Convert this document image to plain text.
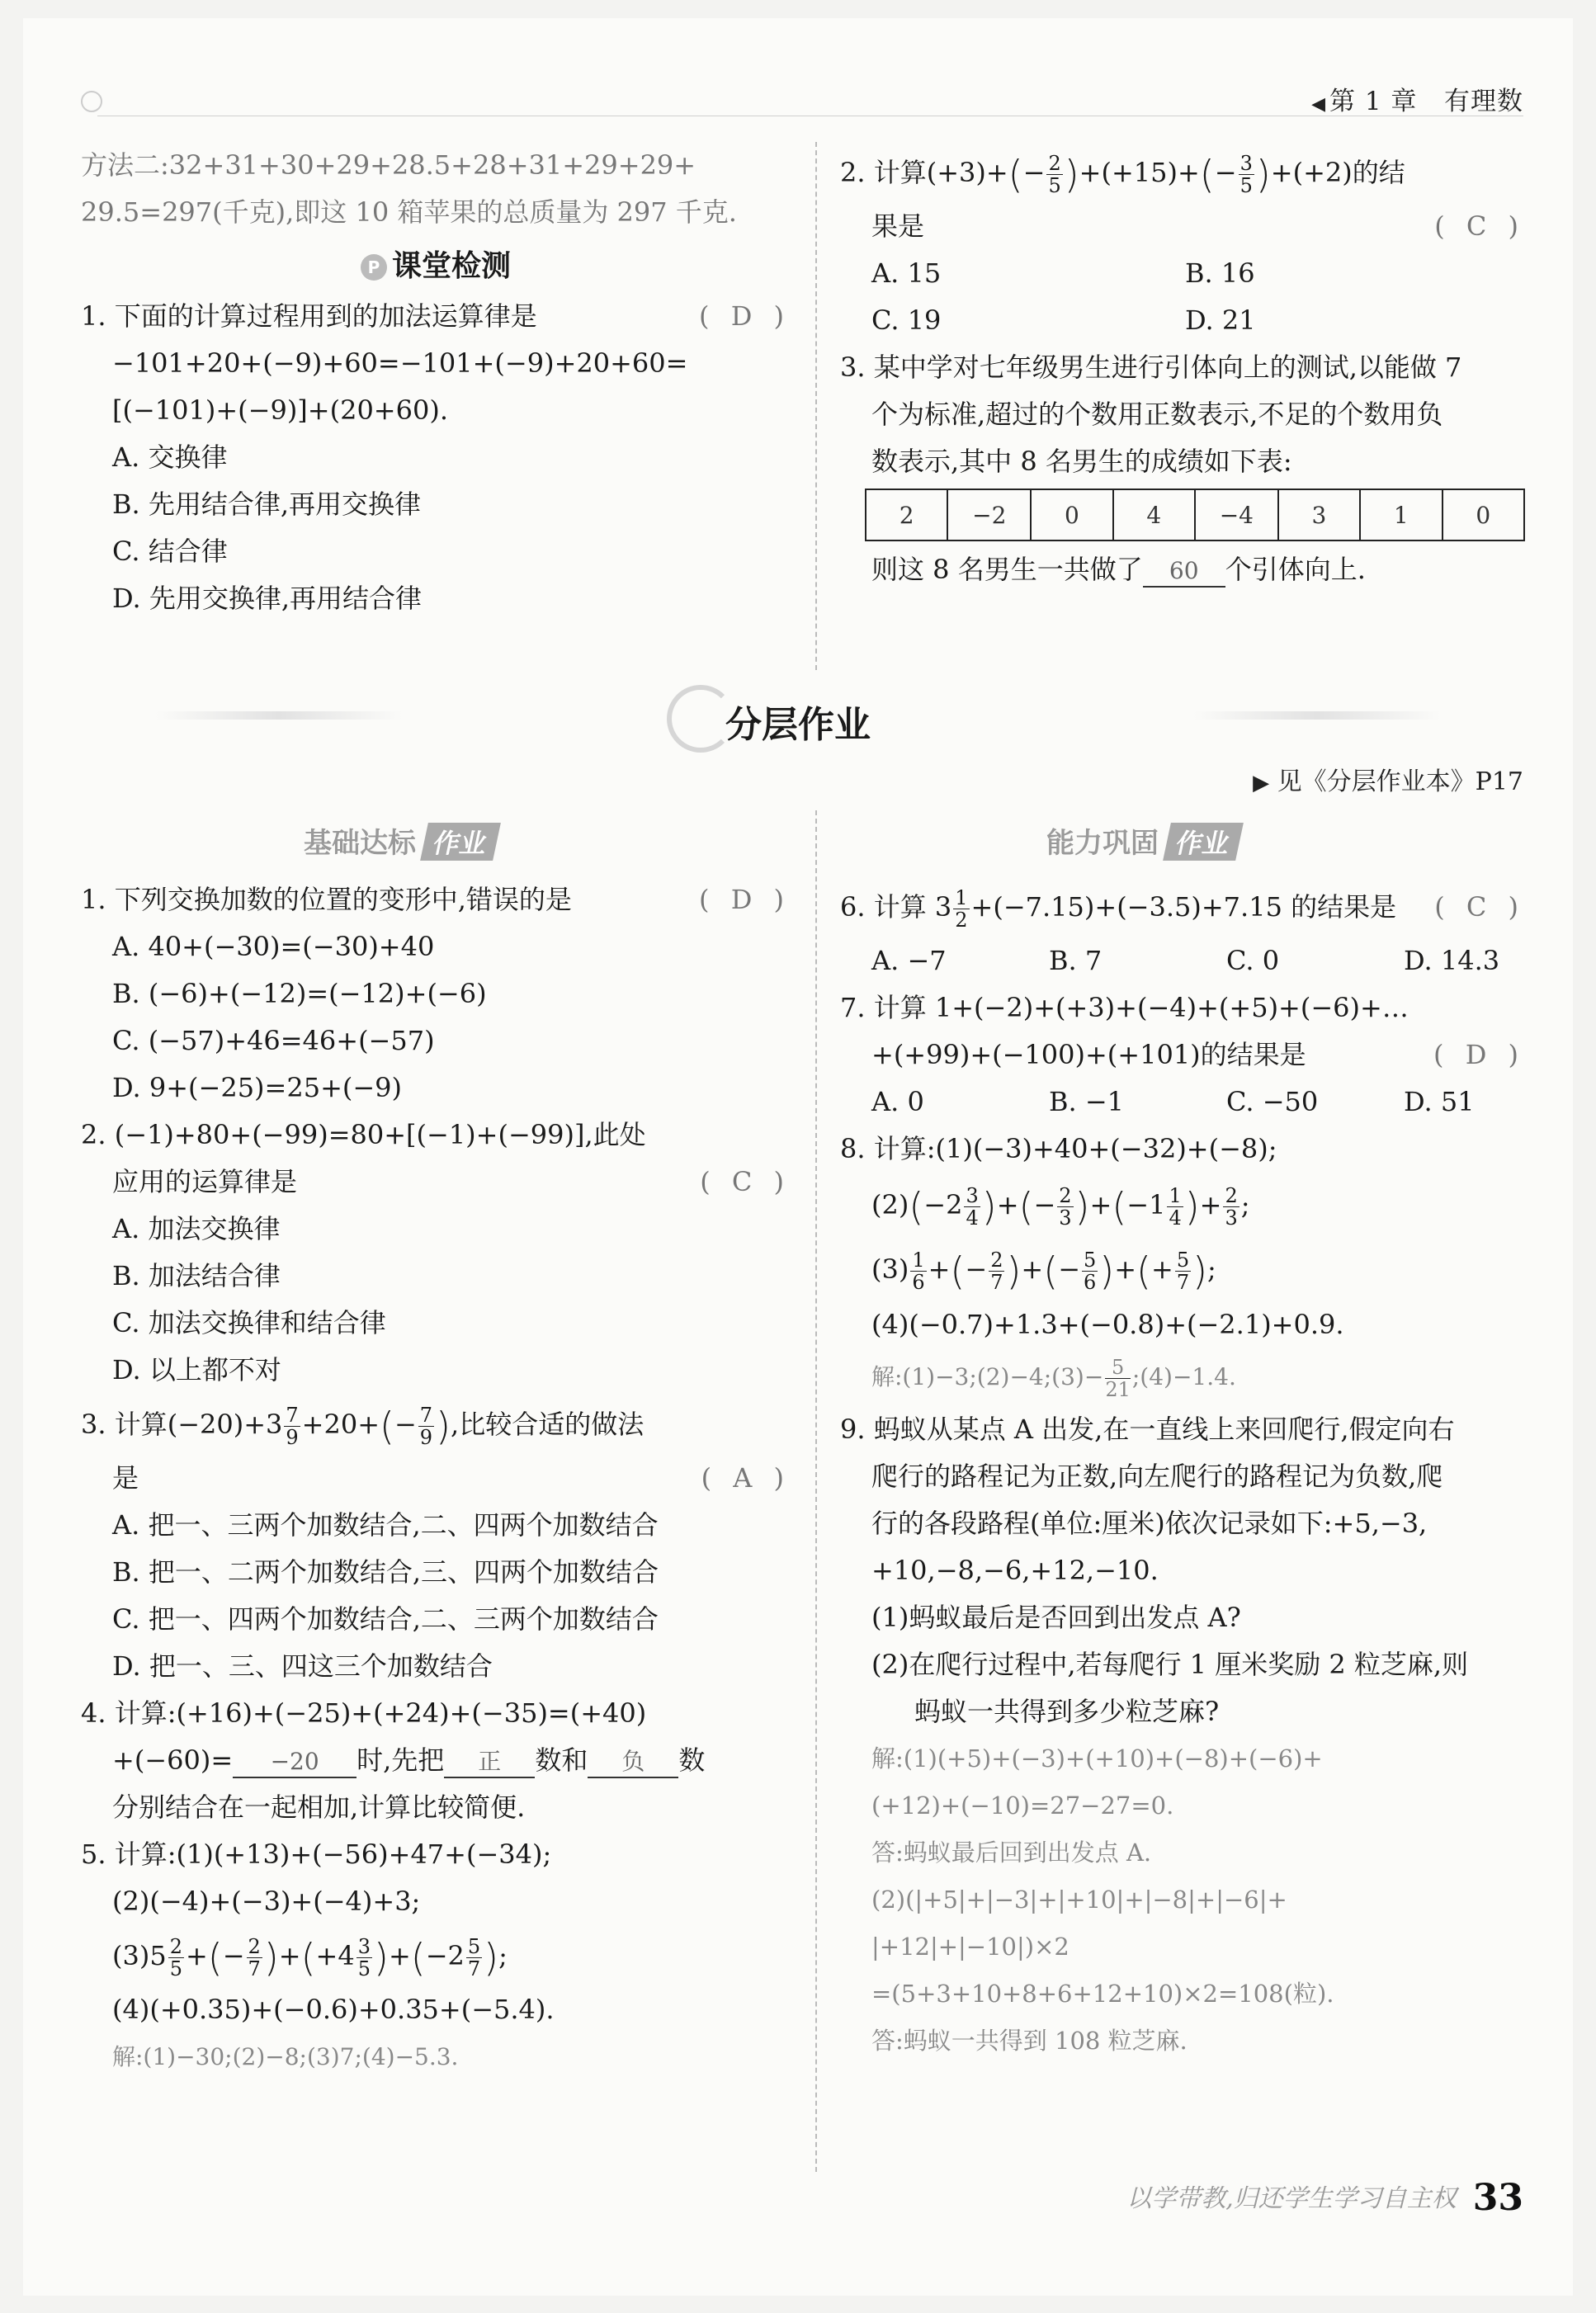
◀ 第 1 章 有理数

方法二:32+31+30+29+28.5+28+31+29+29+

29.5=297(千克),即这 10 箱苹果的总质量为 297 千克.

P 课堂检测

1. 下面的计算过程用到的加法运算律是	( D )

−101+20+(−9)+60=−101+(−9)+20+60=

[(−101)+(−9)]+(20+60).

A. 交换律

B. 先用结合律,再用交换律

C. 结合律

D. 先用交换律,再用结合律

2. 计算$(+3)+(- \frac{2}{5} )+(+15)+(- \frac{3}{5} )+(+2)$的结

果是	( C )

A. 15	B. 16

C. 19	D. 21

3. 某中学对七年级男生进行引体向上的测试,以能做 7

个为标准,超过的个数用正数表示,不足的个数用负

数表示,其中 8 名男生的成绩如下表:

2	−2	0	4	−4	3	1	0

则这 8 名男生一共做了 60 个引体向上.

分层作业
▶ 见《分层作业本》P17
基础达标 作业	能力巩固 作业

1. 下列交换加数的位置的变形中,错误的是	( D )

A. 40+(−30)=(−30)+40

B. (−6)+(−12)=(−12)+(−6)

C. (−57)+46=46+(−57)

D. 9+(−25)=25+(−9)

2. (−1)+80+(−99)=80+[(−1)+(−99)],此处

应用的运算律是	( C )

A. 加法交换律

B. 加法结合律

C. 加法交换律和结合律

D. 以上都不对

3. 计算$(-20)+3 \frac{7}{9} +20+(- \frac{7}{9}$ ),比较合适的做法

是	( A )

A. 把一、三两个加数结合,二、四两个加数结合

B. 把一、二两个加数结合,三、四两个加数结合

C. 把一、四两个加数结合,二、三两个加数结合

D. 把一、三、四这三个加数结合

4. 计算:(+16)+(−25)+(+24)+(−35)=(+40)

+(−60)= −20 时,先把 正 数和 负 数

分别结合在一起相加,计算比较简便.

5. 计算:(1)(+13)+(−56)+47+(−34);

(2)(−4)+(−3)+(−4)+3;

$(3)5 \frac{2}{5}$ +(− $\frac{2}{7} )+(+4 \frac{3}{5} )+(-2 \frac{5}{7}$ );

(4)(+0.35)+(−0.6)+0.35+(−5.4).

解:(1)−30;(2)−8;(3)7;(4)−5.3.

6. 计算 $3 \frac{1}{2} +(-7.15)+(-3.5)+7.15$ 的结果是 ( C )

A. −7	B. 7	C. 0	D. 14.3

7. 计算 1+(−2)+(+3)+(−4)+(+5)+(−6)+…

+(+99)+(−100)+(+101)的结果是	( D )

A. 0	B. −1	C. −50	D. 51

8. 计算:(1)(−3)+40+(−32)+(−8);

$(2)(-2 \frac{3}{4}$ )+(− $\frac{2}{3} )+(-1 \frac{1}{4}$ )+ $\frac{2}{3}$ ;

$(3) \frac{1}{6}$ +(− $\frac{2}{7}$ )+(− $\frac{5}{6}$ )+(+ $\frac{5}{7}$ );

(4)(−0.7)+1.3+(−0.8)+(−2.1)+0.9.

解:(1)−3;(2)−4;(3)− $\frac{5}{21}$ ;(4)−1.4.

9. 蚂蚁从某点 A 出发,在一直线上来回爬行,假定向右

爬行的路程记为正数,向左爬行的路程记为负数,爬

行的各段路程(单位:厘米)依次记录如下:+5,−3,

+10,−8,−6,+12,−10.

(1)蚂蚁最后是否回到出发点 A?

(2)在爬行过程中,若每爬行 1 厘米奖励 2 粒芝麻,则

蚂蚁一共得到多少粒芝麻?

解:(1)(+5)+(−3)+(+10)+(−8)+(−6)+

(+12)+(−10)=27−27=0.

答:蚂蚁最后回到出发点 A.

(2)(|+5|+|−3|+|+10|+|−8|+|−6|+

|+12|+|−10|)×2

=(5+3+10+8+6+12+10)×2=108(粒).

答:蚂蚁一共得到 108 粒芝麻.

以学带教,归还学生学习自主权 33
